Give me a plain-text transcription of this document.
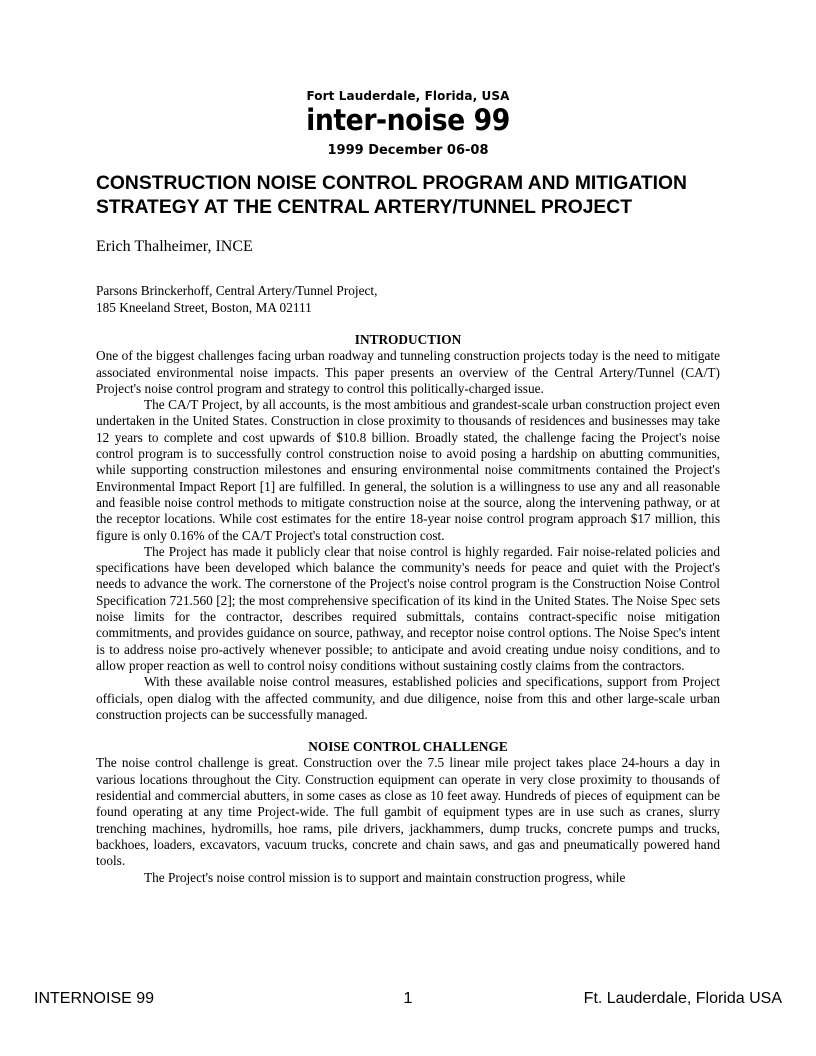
Fort Lauderdale, Florida, USA
inter-noise 99
1999 December 06-08
CONSTRUCTION NOISE CONTROL PROGRAM AND MITIGATION
STRATEGY AT THE CENTRAL ARTERY/TUNNEL PROJECT
Erich Thalheimer, INCE
Parsons Brinckerhoff, Central Artery/Tunnel Project,
185 Kneeland Street, Boston, MA 02111

INTRODUCTION

One of the biggest challenges facing urban roadway and tunneling construction projects today is the need to mitigate associated environmental noise impacts. This paper presents an overview of the Central Artery/Tunnel (CA/T) Project's noise control program and strategy to control this politically-charged issue.

The CA/T Project, by all accounts, is the most ambitious and grandest-scale urban construction project even undertaken in the United States. Construction in close proximity to thousands of residences and businesses may take 12 years to complete and cost upwards of $10.8 billion. Broadly stated, the challenge facing the Project's noise control program is to successfully control construction noise to avoid posing a hardship on abutting communities, while supporting construction milestones and ensuring environmental noise commitments contained the Project's Environmental Impact Report [1] are fulfilled. In general, the solution is a willingness to use any and all reasonable and feasible noise control methods to mitigate construction noise at the source, along the intervening pathway, or at the receptor locations. While cost estimates for the entire 18-year noise control program approach $17 million, this figure is only 0.16% of the CA/T Project's total construction cost.

The Project has made it publicly clear that noise control is highly regarded. Fair noise-related policies and specifications have been developed which balance the community's needs for peace and quiet with the Project's needs to advance the work. The cornerstone of the Project's noise control program is the Construction Noise Control Specification 721.560 [2]; the most comprehensive specification of its kind in the United States. The Noise Spec sets noise limits for the contractor, describes required submittals, contains contract-specific noise mitigation commitments, and provides guidance on source, pathway, and receptor noise control options. The Noise Spec's intent is to address noise pro-actively whenever possible; to anticipate and avoid creating undue noisy conditions, and to allow proper reaction as well to control noisy conditions without sustaining costly claims from the contractors.

With these available noise control measures, established policies and specifications, support from Project officials, open dialog with the affected community, and due diligence, noise from this and other large-scale urban construction projects can be successfully managed.

NOISE CONTROL CHALLENGE

The noise control challenge is great. Construction over the 7.5 linear mile project takes place 24-hours a day in various locations throughout the City. Construction equipment can operate in very close proximity to thousands of residential and commercial abutters, in some cases as close as 10 feet away. Hundreds of pieces of equipment can be found operating at any time Project-wide. The full gambit of equipment types are in use such as cranes, slurry trenching machines, hydromills, hoe rams, pile drivers, jackhammers, dump trucks, concrete pumps and trucks, backhoes, loaders, excavators, vacuum trucks, concrete and chain saws, and gas and pneumatically powered hand tools.

The Project's noise control mission is to support and maintain construction progress, while

INTERNOISE 99	1	Ft. Lauderdale, Florida USA
